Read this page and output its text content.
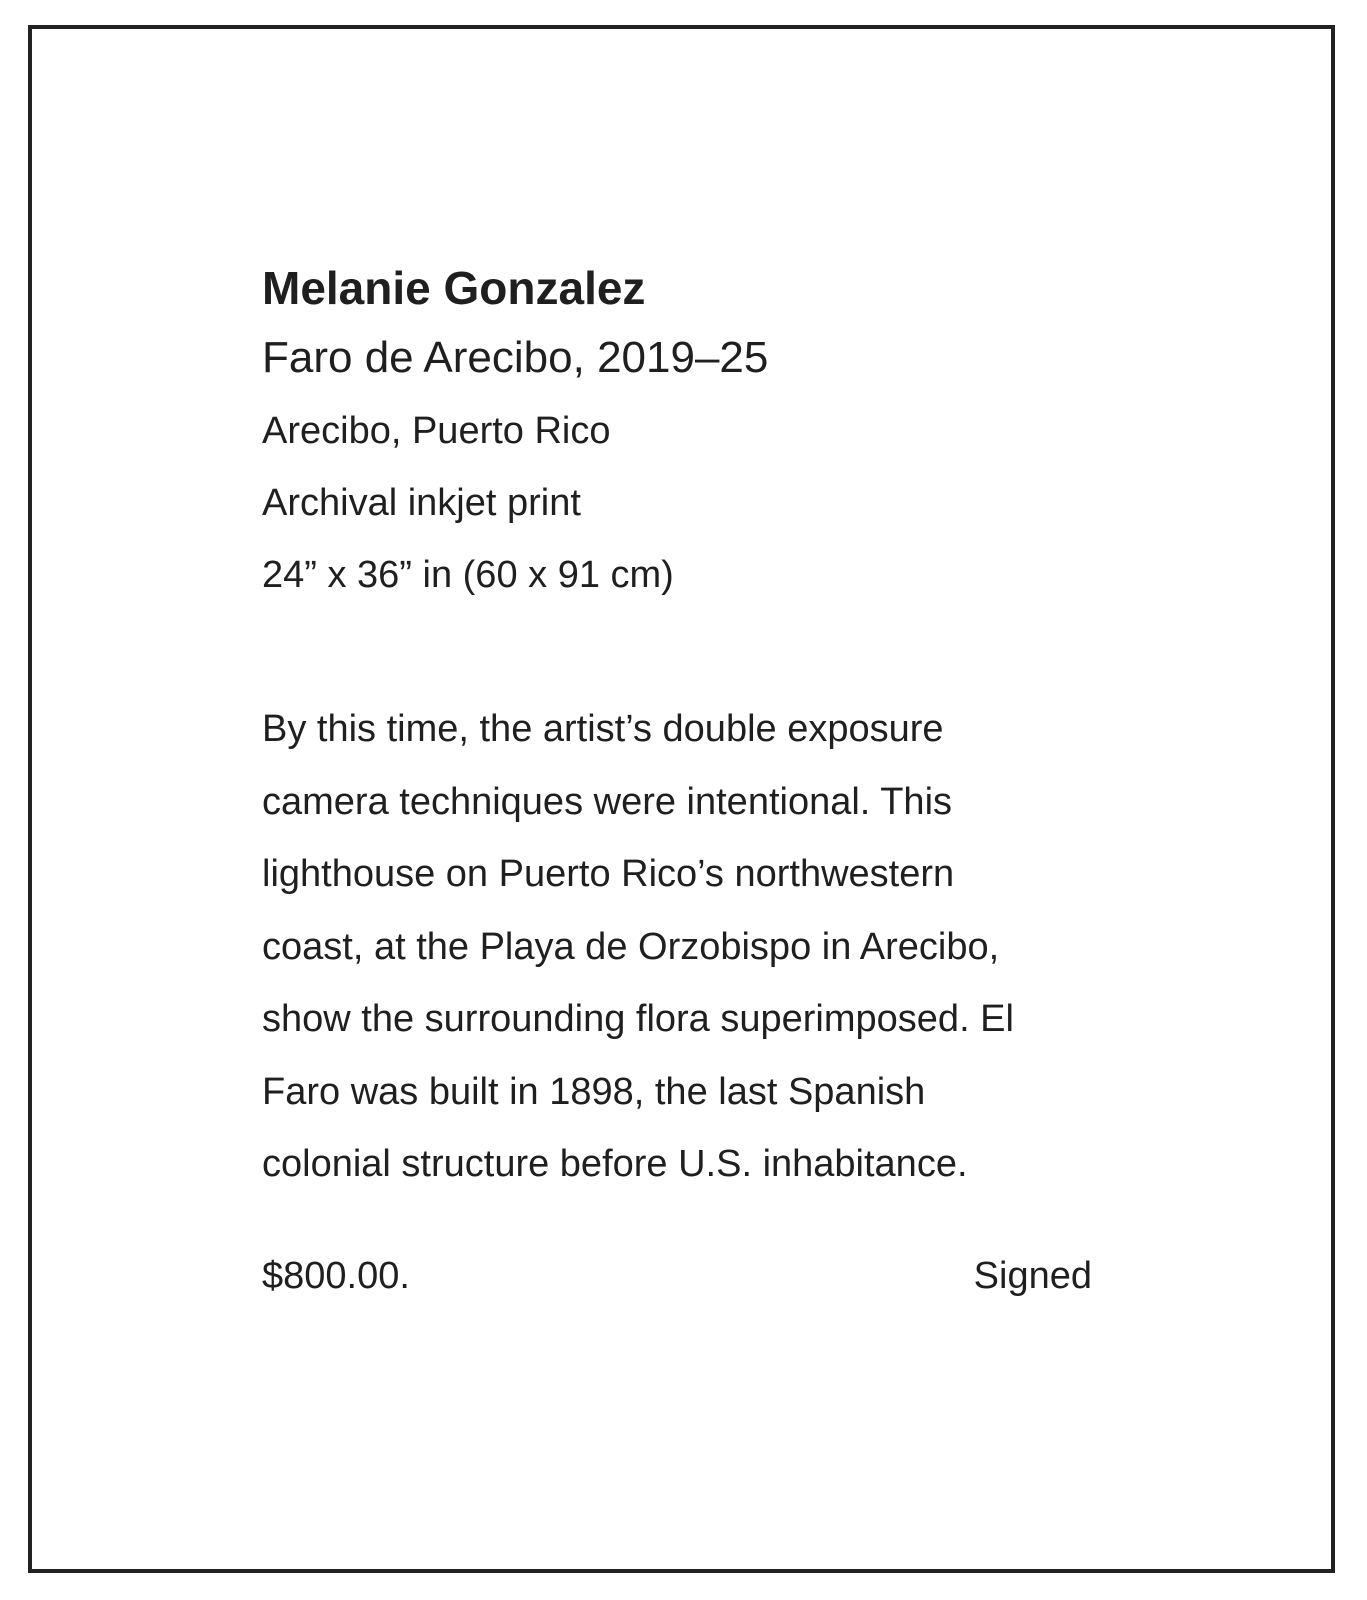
Melanie Gonzalez
Faro de Arecibo, 2019–25
Arecibo, Puerto Rico
Archival inkjet print
24” x 36” in (60 x 91 cm)

By this time, the artist’s double exposure
camera techniques were intentional. This
lighthouse on Puerto Rico’s northwestern
coast, at the Playa de Orzobispo in Arecibo,
show the surrounding flora superimposed. El
Faro was built in 1898, the last Spanish
colonial structure before U.S. inhabitance.

$800.00.	Signed
